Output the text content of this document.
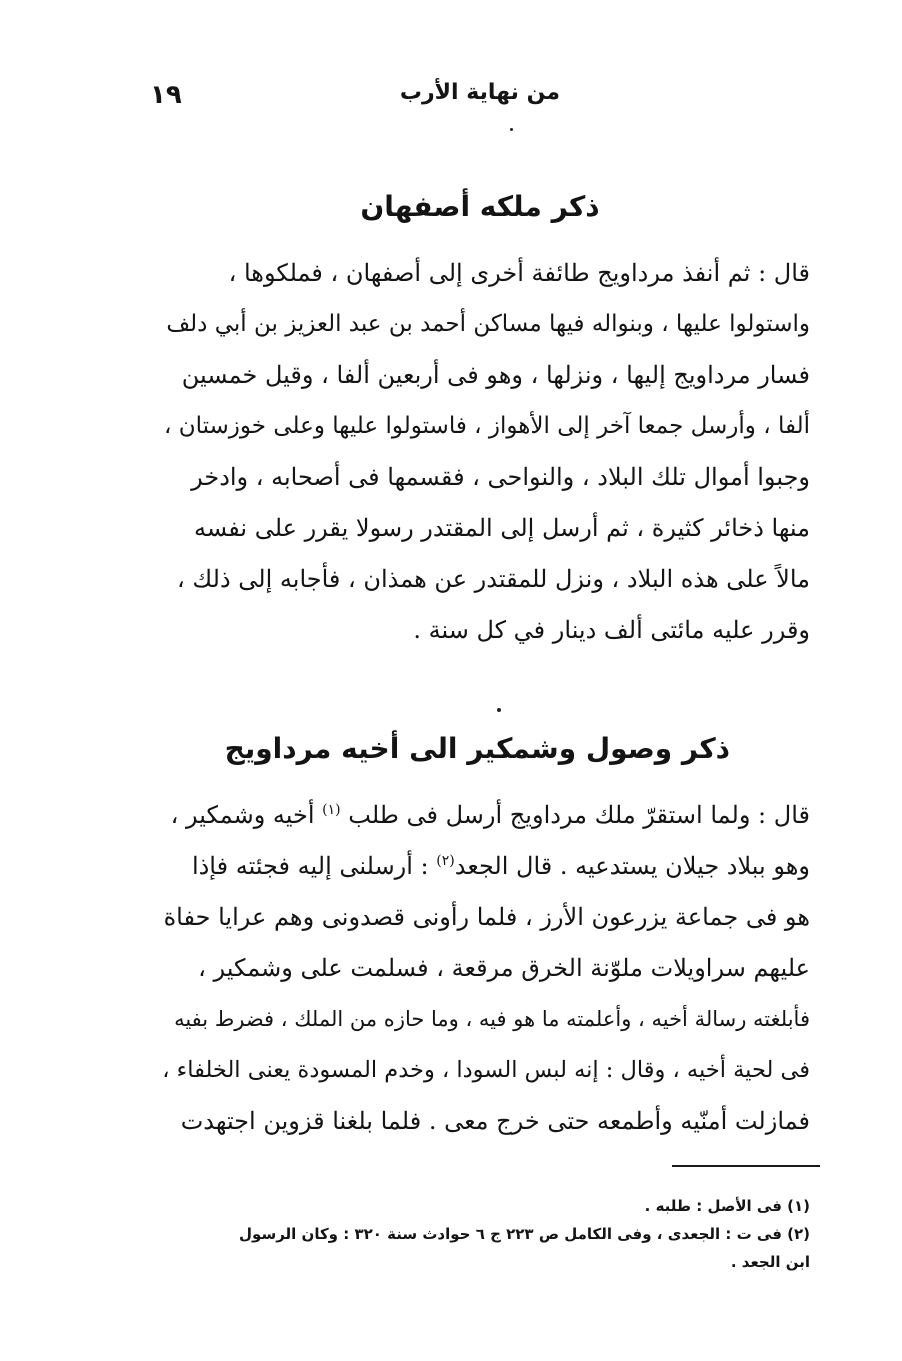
من نهاية الأرب
١٩
ذكر ملكه أصفهان
قال : ثم أنفذ مرداويج طائفة أخرى إلى أصفهان ، فملكوها ،
واستولوا عليها ، وبنواله فيها مساكن أحمد بن عبد العزيز بن أبي دلف
فسار مرداويج إليها ، ونزلها ، وهو فى أربعين ألفا ، وقيل خمسين
ألفا ، وأرسل جمعا آخر إلى الأهواز ، فاستولوا عليها وعلى خوزستان ،
وجبوا أموال تلك البلاد ، والنواحى ، فقسمها فى أصحابه ، وادخر
منها ذخائر كثيرة ، ثم أرسل إلى المقتدر رسولا يقرر على نفسه
مالاً على هذه البلاد ، ونزل للمقتدر عن همذان ، فأجابه إلى ذلك ،
وقرر عليه مائتى ألف دينار في كل سنة .
ذكر وصول وشمكير الى أخيه مرداويج
قال : ولما استقرّ ملك مرداويج أرسل فى طلب $^{(١)}$ أخيه وشمكير ،
وهو ببلاد جيلان يستدعيه . قال الجعد$^{(٢)}$ : أرسلنى إليه فجئته فإذا
هو فى جماعة يزرعون الأرز ، فلما رأونى قصدونى وهم عرايا حفاة
عليهم سراويلات ملوّنة الخرق مرقعة ، فسلمت على وشمكير ،
فأبلغته رسالة أخيه ، وأعلمته ما هو فيه ، وما حازه من الملك ، فضرط بفيه
فى لحية أخيه ، وقال : إنه لبس السودا ، وخدم المسودة يعنى الخلفاء ،
فمازلت أمنّيه وأطمعه حتى خرج معى . فلما بلغنا قزوين اجتهدت
(١) فى الأصل : طلبه .
(٢) فى ت : الجعدى ، وفى الكامل ص ٢٢٣ ج ٦ حوادث سنة ٣٢٠ : وكان الرسول
ابن الجعد .
